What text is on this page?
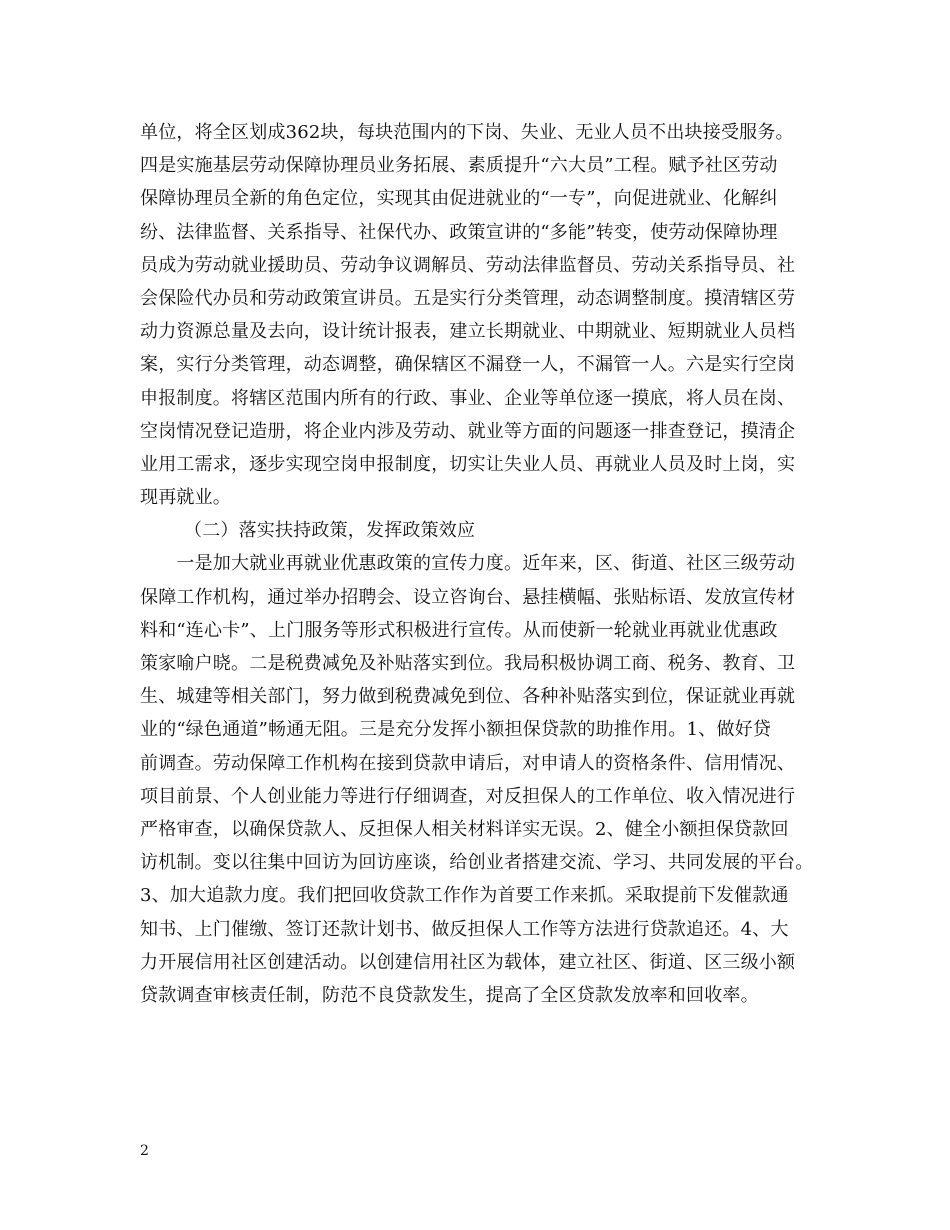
单位，将全区划成362块，每块范围内的下岗、失业、无业人员不出块接受服务。
四是实施基层劳动保障协理员业务拓展、素质提升“六大员”工程。赋予社区劳动
保障协理员全新的角色定位，实现其由促进就业的“一专”，向促进就业、化解纠
纷、法律监督、关系指导、社保代办、政策宣讲的“多能”转变，使劳动保障协理
员成为劳动就业援助员、劳动争议调解员、劳动法律监督员、劳动关系指导员、社
会保险代办员和劳动政策宣讲员。五是实行分类管理，动态调整制度。摸清辖区劳
动力资源总量及去向，设计统计报表，建立长期就业、中期就业、短期就业人员档
案，实行分类管理，动态调整，确保辖区不漏登一人，不漏管一人。六是实行空岗
申报制度。将辖区范围内所有的行政、事业、企业等单位逐一摸底，将人员在岗、
空岗情况登记造册，将企业内涉及劳动、就业等方面的问题逐一排查登记，摸清企
业用工需求，逐步实现空岗申报制度，切实让失业人员、再就业人员及时上岗，实
现再就业。
（二）落实扶持政策，发挥政策效应
　　一是加大就业再就业优惠政策的宣传力度。近年来，区、街道、社区三级劳动
保障工作机构，通过举办招聘会、设立咨询台、悬挂横幅、张贴标语、发放宣传材
料和“连心卡”、上门服务等形式积极进行宣传。从而使新一轮就业再就业优惠政
策家喻户晓。二是税费减免及补贴落实到位。我局积极协调工商、税务、教育、卫
生、城建等相关部门，努力做到税费减免到位、各种补贴落实到位，保证就业再就
业的“绿色通道”畅通无阻。三是充分发挥小额担保贷款的助推作用。1、做好贷
前调查。劳动保障工作机构在接到贷款申请后，对申请人的资格条件、信用情况、
项目前景、个人创业能力等进行仔细调查，对反担保人的工作单位、收入情况进行
严格审查，以确保贷款人、反担保人相关材料详实无误。2、健全小额担保贷款回
访机制。变以往集中回访为回访座谈，给创业者搭建交流、学习、共同发展的平台。
3、加大追款力度。我们把回收贷款工作作为首要工作来抓。采取提前下发催款通
知书、上门催缴、签订还款计划书、做反担保人工作等方法进行贷款追还。4、大
力开展信用社区创建活动。以创建信用社区为载体，建立社区、街道、区三级小额
贷款调查审核责任制，防范不良贷款发生，提高了全区贷款发放率和回收率。
2
